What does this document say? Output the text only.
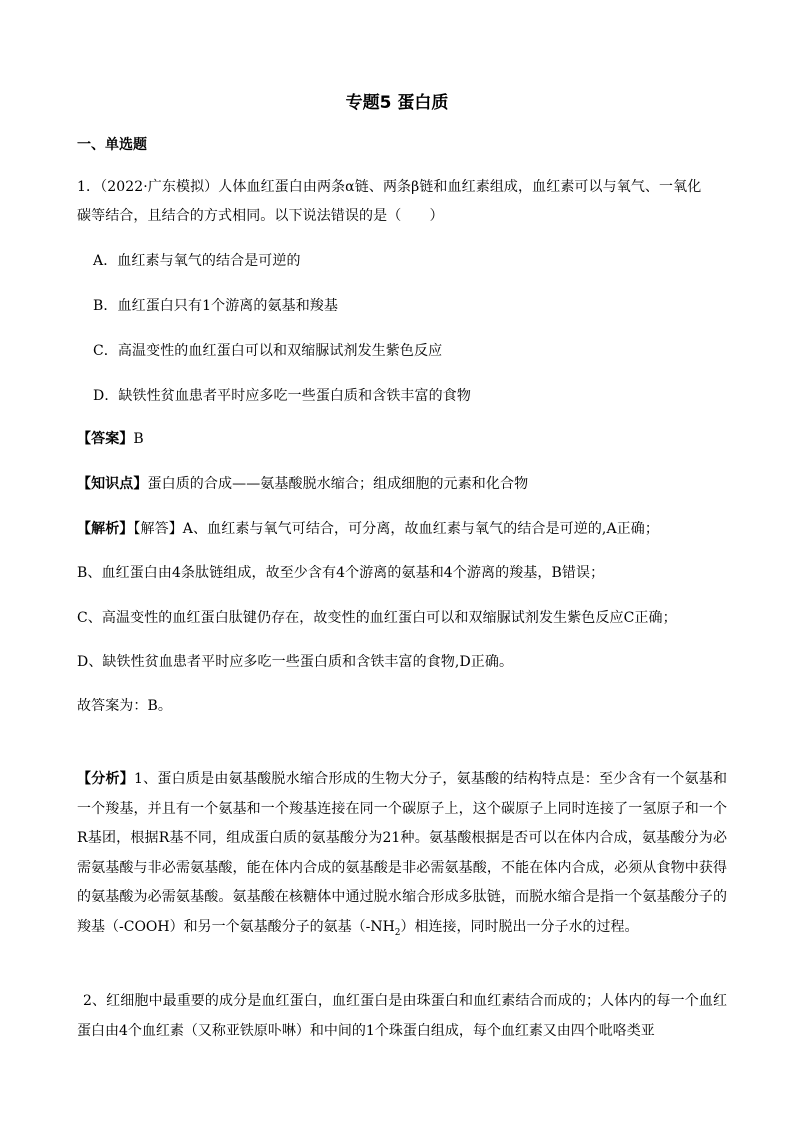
专题5 蛋白质
一、单选题
1．（2022·广东模拟）人体血红蛋白由两条α链、两条β链和血红素组成，血红素可以与氧气、一氧化
碳等结合，且结合的方式相同。以下说法错误的是（　　）
A．血红素与氧气的结合是可逆的
B．血红蛋白只有1个游离的氨基和羧基
C．高温变性的血红蛋白可以和双缩脲试剂发生紫色反应
D．缺铁性贫血患者平时应多吃一些蛋白质和含铁丰富的食物
【答案】B
【知识点】蛋白质的合成——氨基酸脱水缩合；组成细胞的元素和化合物
【解析】【解答】A、血红素与氧气可结合，可分离，故血红素与氧气的结合是可逆的,A正确；
B、血红蛋白由4条肽链组成，故至少含有4个游离的氨基和4个游离的羧基，B错误；
C、高温变性的血红蛋白肽键仍存在，故变性的血红蛋白可以和双缩脲试剂发生紫色反应C正确；
D、缺铁性贫血患者平时应多吃一些蛋白质和含铁丰富的食物,D正确。
故答案为：B。
【分析】1、蛋白质是由氨基酸脱水缩合形成的生物大分子，氨基酸的结构特点是：至少含有一个氨基和一个羧基，并且有一个氨基和一个羧基连接在同一个碳原子上，这个碳原子上同时连接了一氢原子和一个R基团，根据R基不同，组成蛋白质的氨基酸分为21种。氨基酸根据是否可以在体内合成，氨基酸分为必需氨基酸与非必需氨基酸，能在体内合成的氨基酸是非必需氨基酸，不能在体内合成，必须从食物中获得的氨基酸为必需氨基酸。氨基酸在核糖体中通过脱水缩合形成多肽链，而脱水缩合是指一个氨基酸分子的羧基（-COOH）和另一个氨基酸分子的氨基$(-NH_2)$相连接，同时脱出一分子水的过程。
2、红细胞中最重要的成分是血红蛋白，血红蛋白是由珠蛋白和血红素结合而成的；人体内的每一个血红蛋白由4个血红素（又称亚铁原卟啉）和中间的1个珠蛋白组成，每个血红素又由四个吡咯类亚
